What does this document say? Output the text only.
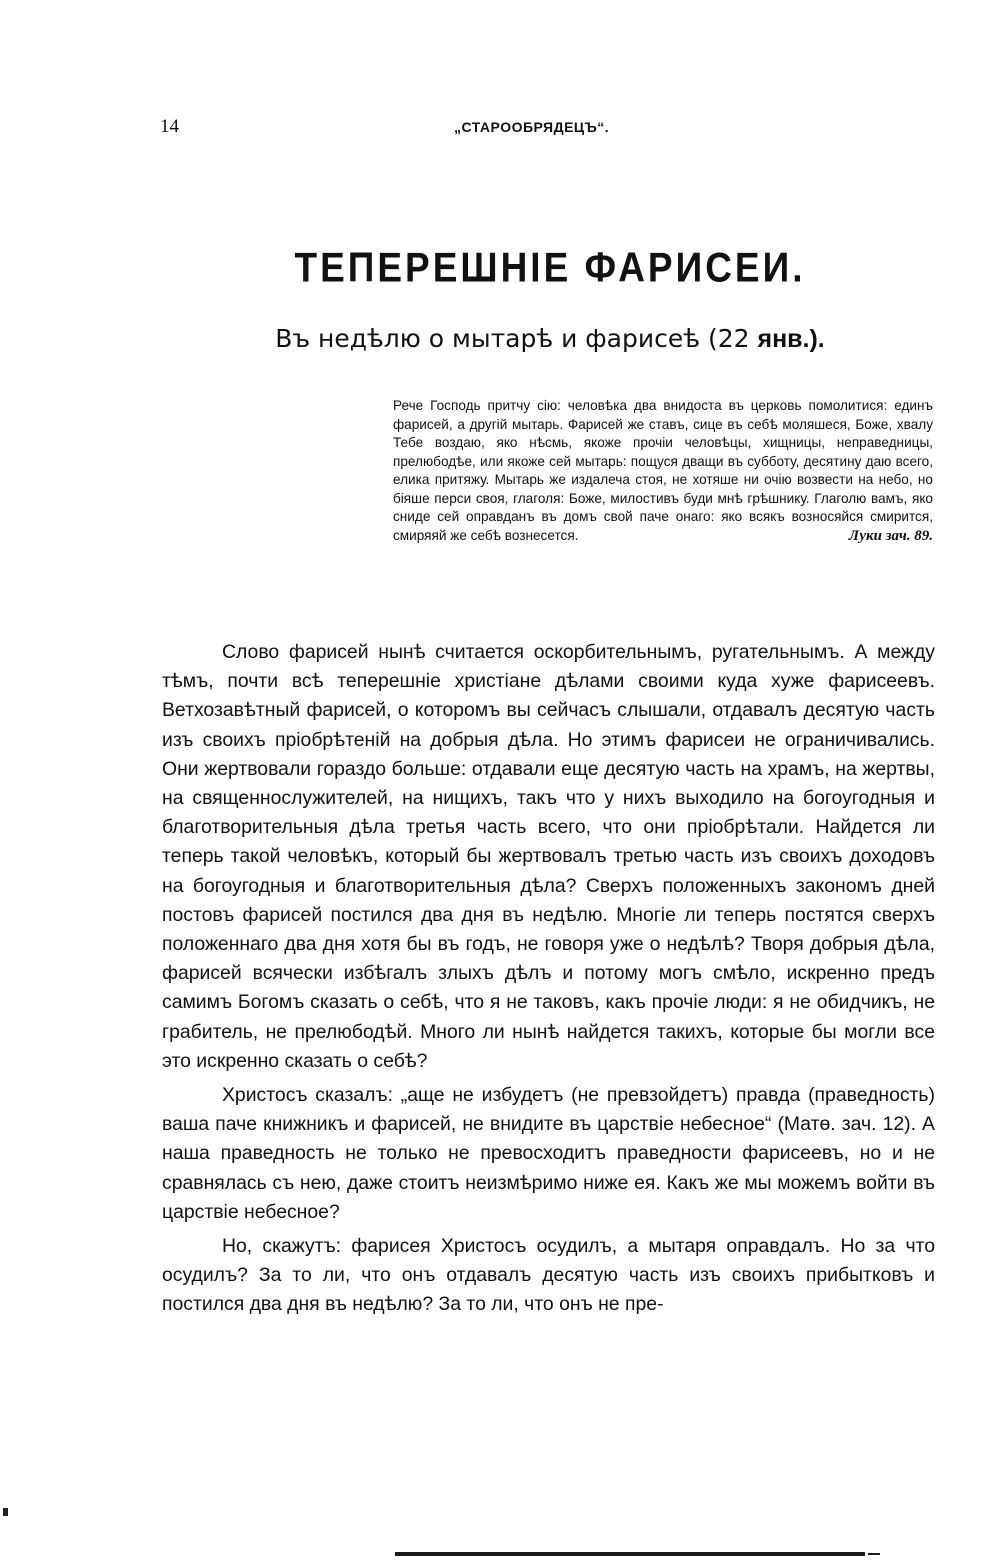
14	„СТАРООБРЯДЕЦЪ“.
ТЕПЕРЕШНІЕ ФАРИСЕИ.
Въ недѣлю о мытарѣ и фарисеѣ (22 янв.).
Рече Господь притчу сію: человѣка два внидоста въ церковь помолитися: единъ фарисей, а другій мытарь. Фарисей же ставъ, сице въ себѣ моляшеся, Боже, хвалу Тебе воздаю, яко нѣсмь, якоже прочіи человѣцы, хищницы, неправедницы, прелюбодѣе, или якоже сей мытарь: пощуся дващи въ субботу, десятину даю всего, елика притяжу. Мытарь же издалеча стоя, не хотяше ни очію возвести на небо, но біяше перси своя, глаголя: Боже, милостивъ буди мнѣ грѣшнику. Глаголю вамъ, яко сниде сей оправданъ въ домъ свой паче онаго: яко всякъ возносяйся смирится, смиряяй же себѣ вознесется.	Луки зач. 89.

Слово фарисей нынѣ считается оскорбительнымъ, ругательнымъ. А между тѣмъ, почти всѣ теперешніе христіане дѣлами своими куда хуже фарисеевъ. Ветхозавѣтный фарисей, о которомъ вы сейчасъ слышали, отдавалъ десятую часть изъ своихъ пріобрѣтеній на добрыя дѣла. Но этимъ фарисеи не ограничивались. Они жертвовали гораздо больше: отдавали еще десятую часть на храмъ, на жертвы, на священнослужителей, на нищихъ, такъ что у нихъ выходило на богоугодныя и благотворительныя дѣла третья часть всего, что они пріобрѣтали. Найдется ли теперь такой человѣкъ, который бы жертвовалъ третью часть изъ своихъ доходовъ на богоугодныя и благотворительныя дѣла? Сверхъ положенныхъ закономъ дней постовъ фарисей постился два дня въ недѣлю. Многіе ли теперь постятся сверхъ положеннаго два дня хотя бы въ годъ, не говоря уже о недѣлѣ? Творя добрыя дѣла, фарисей всячески избѣгалъ злыхъ дѣлъ и потому могъ смѣло, искренно предъ самимъ Богомъ сказать о себѣ, что я не таковъ, какъ прочіе люди: я не обидчикъ, не грабитель, не прелюбодѣй. Много ли нынѣ найдется такихъ, которые бы могли все это искренно сказать о себѣ?

Христосъ сказалъ: „аще не избудетъ (не превзойдетъ) правда (праведность) ваша паче книжникъ и фарисей, не внидите въ царствіе небесное“ (Матө. зач. 12). А наша праведность не только не превосходитъ праведности фарисеевъ, но и не сравнялась съ нею, даже стоитъ неизмѣримо ниже ея. Какъ же мы можемъ войти въ царствіе небесное?

Но, скажутъ: фарисея Христосъ осудилъ, а мытаря оправдалъ. Но за что осудилъ? За то ли, что онъ отдавалъ десятую часть изъ своихъ прибытковъ и постился два дня въ недѣлю? За то ли, что онъ не пре-
